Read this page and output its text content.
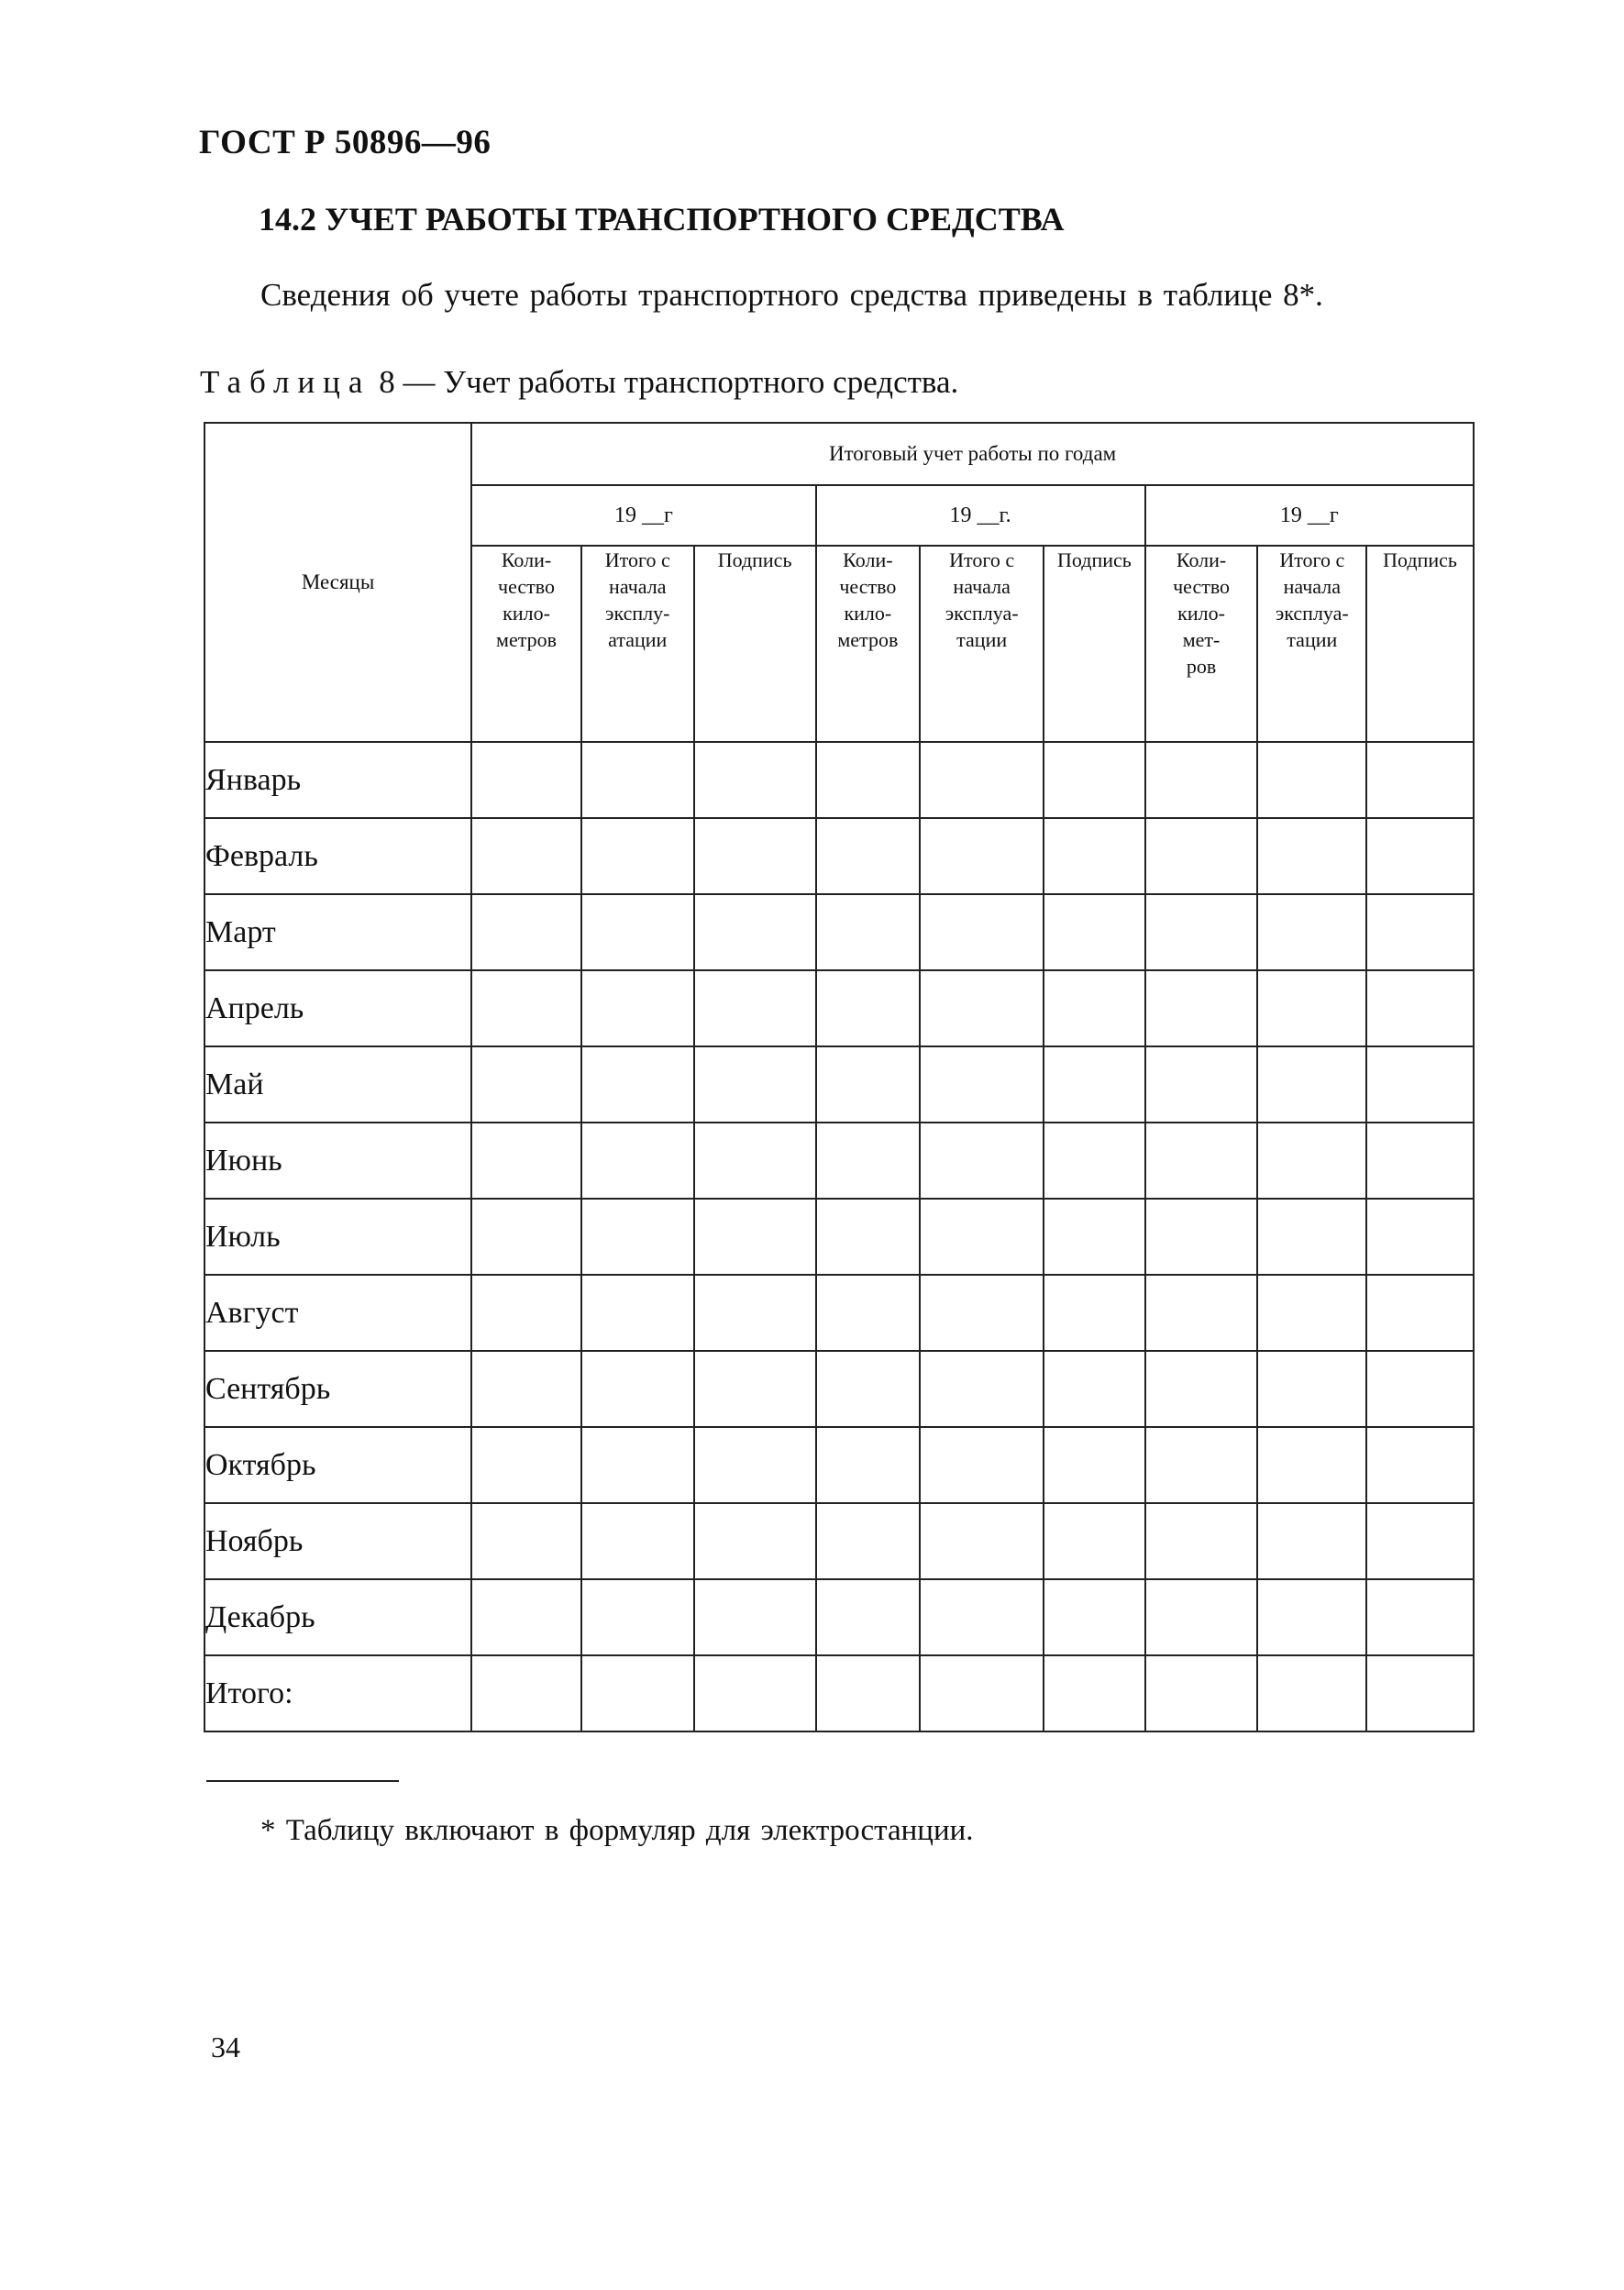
ГОСТ Р 50896—96
14.2 УЧЕТ РАБОТЫ ТРАНСПОРТНОГО СРЕДСТВА
Сведения об учете работы транспортного средства приведены в таблице 8*.
Таблица 8 — Учет работы транспортного средства.
Месяцы	Итоговый учет работы по годам								
	19 __г			19 __г.			19 __г		
	Коли-
чество
кило-
метров	Итого с
начала
эксплу-
атации	Подпись	Коли-
чество
кило-
метров	Итого с
начала
эксплуа-
тации	Подпись	Коли-
чество
кило-
мет-
ров	Итого с
начала
эксплуа-
тации	Подпись
Январь									
Февраль									
Март									
Апрель									
Май									
Июнь									
Июль									
Август									
Сентябрь									
Октябрь									
Ноябрь									
Декабрь									
Итого:									
* Таблицу включают в формуляр для электростанции.
34
